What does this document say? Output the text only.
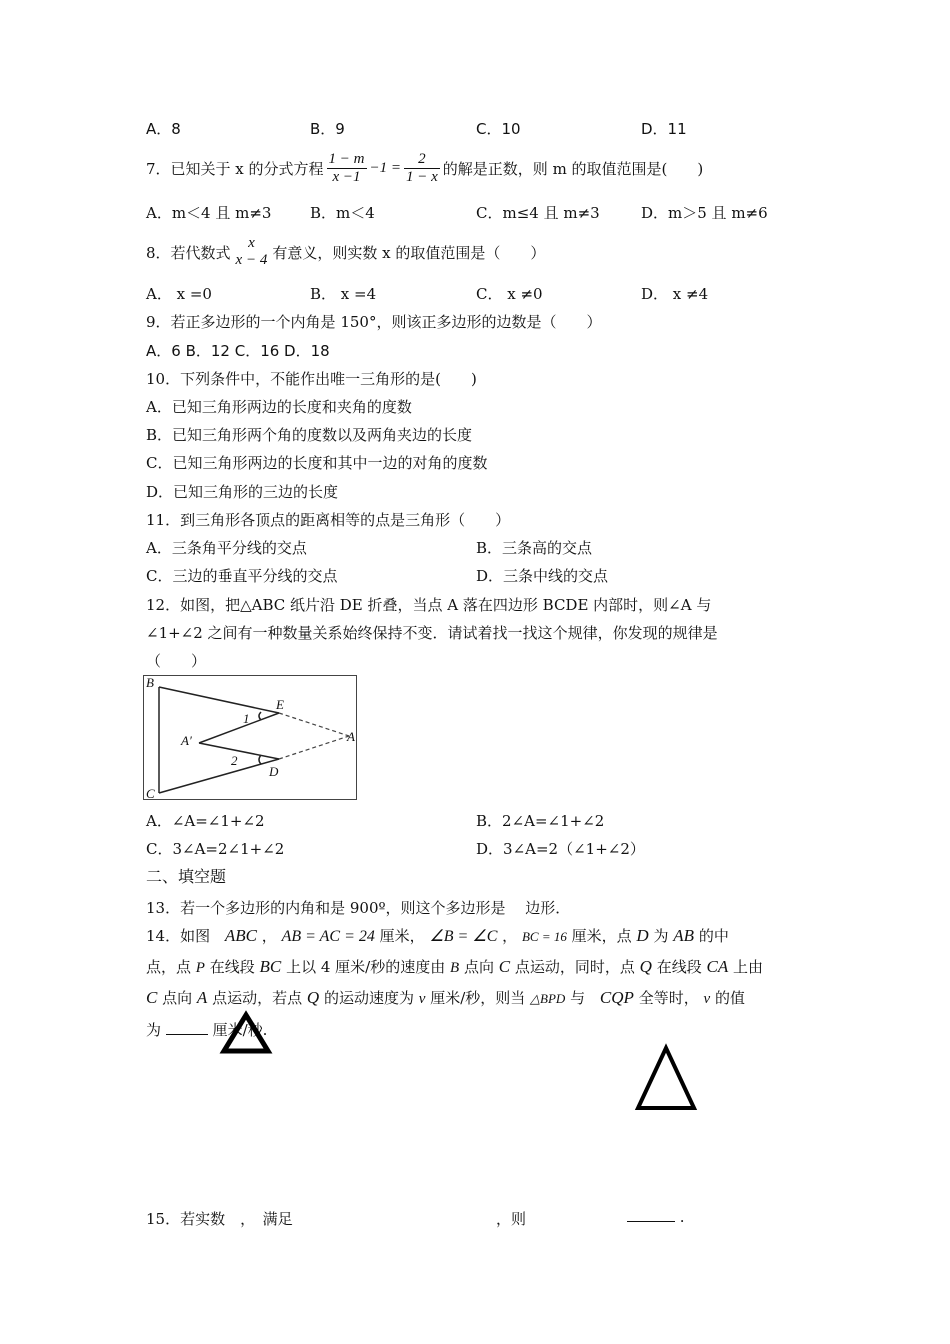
A．8	B．9	C．10	D．11
7．已知关于 x 的分式方程 $\frac{1 - m}{x -1} -1 = \frac{2}{1 - x}$ 的解是正数，则 m 的取值范围是(　　)
A．m＜4 且 m≠3	B．m＜4	C．m≤4 且 m≠3	D．m＞5 且 m≠6
8．若代数式
x
x − 4 有意义，则实数 x 的取值范围是（　　）
A． x =0	B． x =4	C． x ≠0	D． x ≠4
9．若正多边形的一个内角是 150°，则该正多边形的边数是（　　）
A．6 B．12 C．16 D．18
10．下列条件中，不能作出唯一三角形的是(　　)
A．已知三角形两边的长度和夹角的度数
B．已知三角形两个角的度数以及两角夹边的长度
C．已知三角形两边的长度和其中一边的对角的度数
D．已知三角形的三边的长度
11．到三角形各顶点的距离相等的点是三角形（　　）
A．三条角平分线的交点	B．三条高的交点
C．三边的垂直平分线的交点	D．三条中线的交点
12．如图，把△ABC 纸片沿 DE 折叠，当点 A 落在四边形 BCDE 内部时，则∠A 与
∠1+∠2 之间有一种数量关系始终保持不变．请试着找一找这个规律，你发现的规律是
（　　）
B
C
E
D
A
A′
1
2
A．∠A=∠1+∠2	B．2∠A=∠1+∠2
C．3∠A=2∠1+∠2	D．3∠A=2（∠1+∠2）
二、填空题
13．若一个多边形的内角和是 900º，则这个多边形是　 边形．
14．如图 ABC ， AB = AC = 24 厘米， ∠B = ∠C ， BC = 16 厘米，点 D 为 AB 的中
点，点 P 在线段 BC 上以 4 厘米/秒的速度由 B 点向 C 点运动，同时，点 Q 在线段 CA 上由
C 点向 A 点运动，若点 Q 的运动速度为 v 厘米/秒，则当 △BPD 与 CQP 全等时， v 的值
为	厘米/秒.
15．若实数　，　满足	，则	.
